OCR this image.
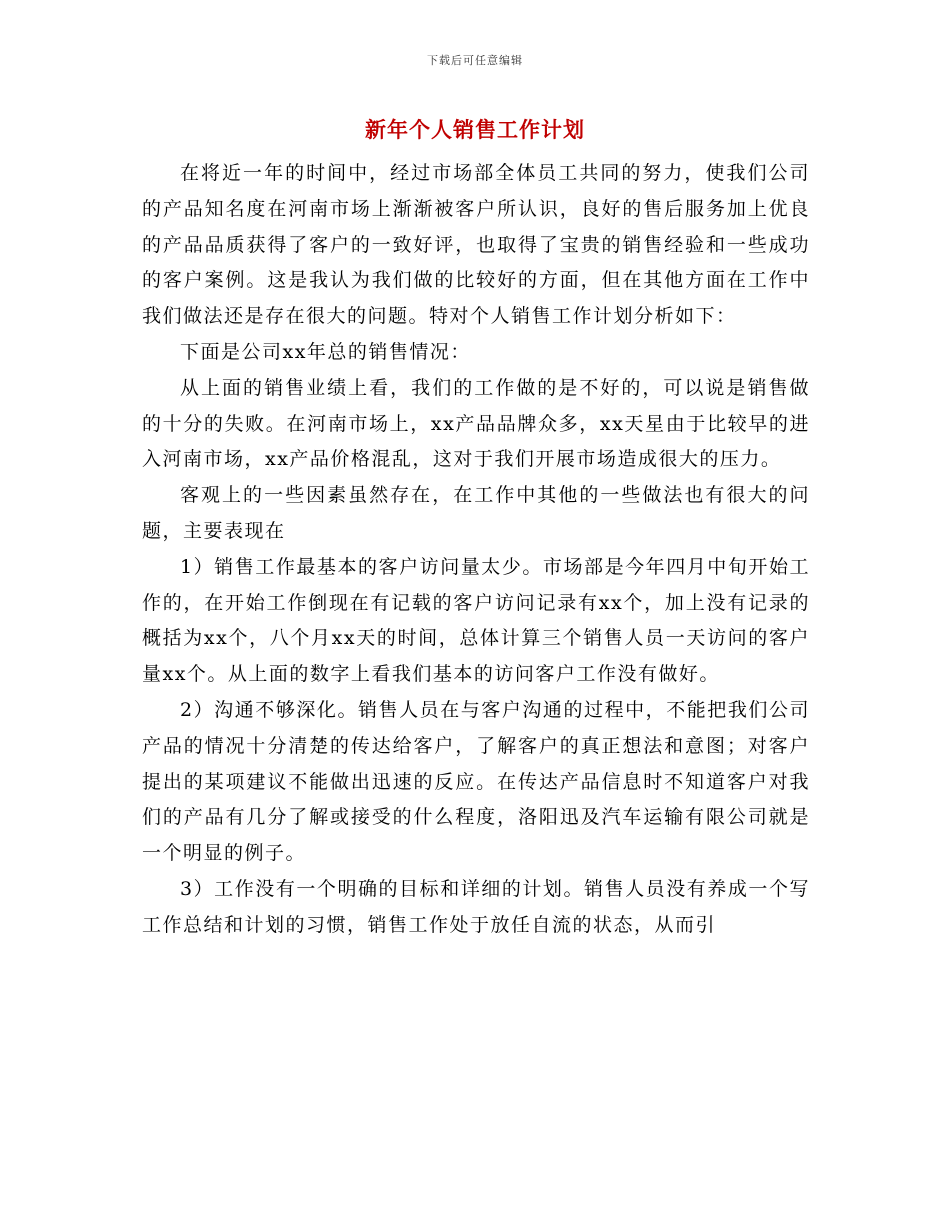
下载后可任意编辑
新年个人销售工作计划

在将近一年的时间中，经过市场部全体员工共同的努力，使我们公司的产品知名度在河南市场上渐渐被客户所认识，良好的售后服务加上优良的产品品质获得了客户的一致好评，也取得了宝贵的销售经验和一些成功的客户案例。这是我认为我们做的比较好的方面，但在其他方面在工作中我们做法还是存在很大的问题。特对个人销售工作计划分析如下：

下面是公司xx年总的销售情况：

从上面的销售业绩上看，我们的工作做的是不好的，可以说是销售做的十分的失败。在河南市场上，xx产品品牌众多，xx天星由于比较早的进入河南市场，xx产品价格混乱，这对于我们开展市场造成很大的压力。

客观上的一些因素虽然存在，在工作中其他的一些做法也有很大的问题，主要表现在

1）销售工作最基本的客户访问量太少。市场部是今年四月中旬开始工作的，在开始工作倒现在有记载的客户访问记录有xx个，加上没有记录的概括为xx个，八个月xx天的时间，总体计算三个销售人员一天访问的客户量xx个。从上面的数字上看我们基本的访问客户工作没有做好。

2）沟通不够深化。销售人员在与客户沟通的过程中，不能把我们公司产品的情况十分清楚的传达给客户，了解客户的真正想法和意图；对客户提出的某项建议不能做出迅速的反应。在传达产品信息时不知道客户对我们的产品有几分了解或接受的什么程度，洛阳迅及汽车运输有限公司就是一个明显的例子。

3）工作没有一个明确的目标和详细的计划。销售人员没有养成一个写工作总结和计划的习惯，销售工作处于放任自流的状态，从而引
